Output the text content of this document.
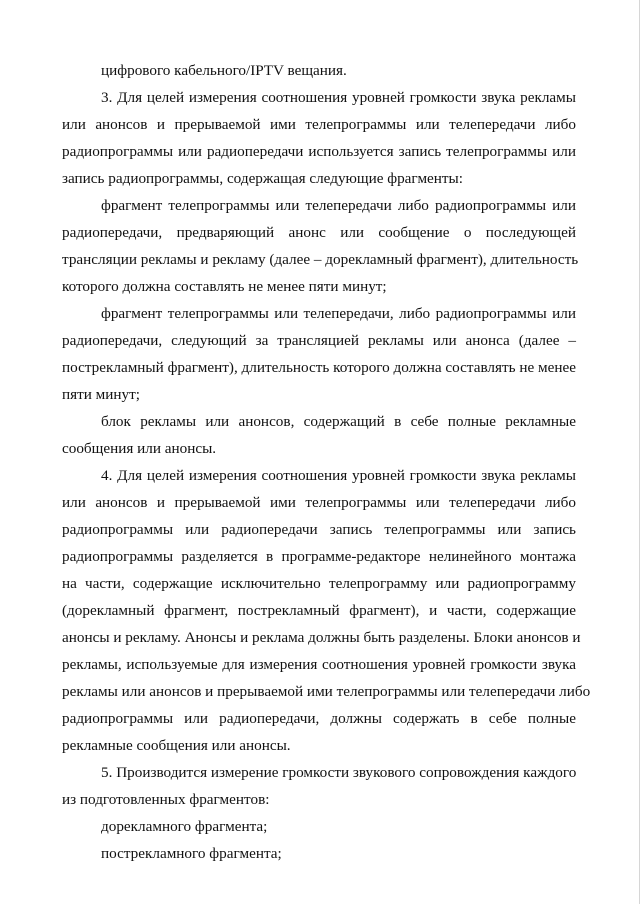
цифрового кабельного/IPTV вещания.

3. Для целей измерения соотношения уровней громкости звука рекламы

или анонсов и прерываемой ими телепрограммы или телепередачи либо

радиопрограммы или радиопередачи используется запись телепрограммы или

запись радиопрограммы, содержащая следующие фрагменты:

фрагмент телепрограммы или телепередачи либо радиопрограммы или

радиопередачи, предваряющий анонс или сообщение о последующей

трансляции рекламы и рекламу (далее – дорекламный фрагмент), длительность

которого должна составлять не менее пяти минут;

фрагмент телепрограммы или телепередачи, либо радиопрограммы или

радиопередачи, следующий за трансляцией рекламы или анонса (далее –

пострекламный фрагмент), длительность которого должна составлять не менее

пяти минут;

блок рекламы или анонсов, содержащий в себе полные рекламные

сообщения или анонсы.

4. Для целей измерения соотношения уровней громкости звука рекламы

или анонсов и прерываемой ими телепрограммы или телепередачи либо

радиопрограммы или радиопередачи запись телепрограммы или запись

радиопрограммы разделяется в программе-редакторе нелинейного монтажа

на части, содержащие исключительно телепрограмму или радиопрограмму

(дорекламный фрагмент, пострекламный фрагмент), и части, содержащие

анонсы и рекламу. Анонсы и реклама должны быть разделены. Блоки анонсов и

рекламы, используемые для измерения соотношения уровней громкости звука

рекламы или анонсов и прерываемой ими телепрограммы или телепередачи либо

радиопрограммы или радиопередачи, должны содержать в себе полные

рекламные сообщения или анонсы.

5. Производится измерение громкости звукового сопровождения каждого

из подготовленных фрагментов:

дорекламного фрагмента;

пострекламного фрагмента;
